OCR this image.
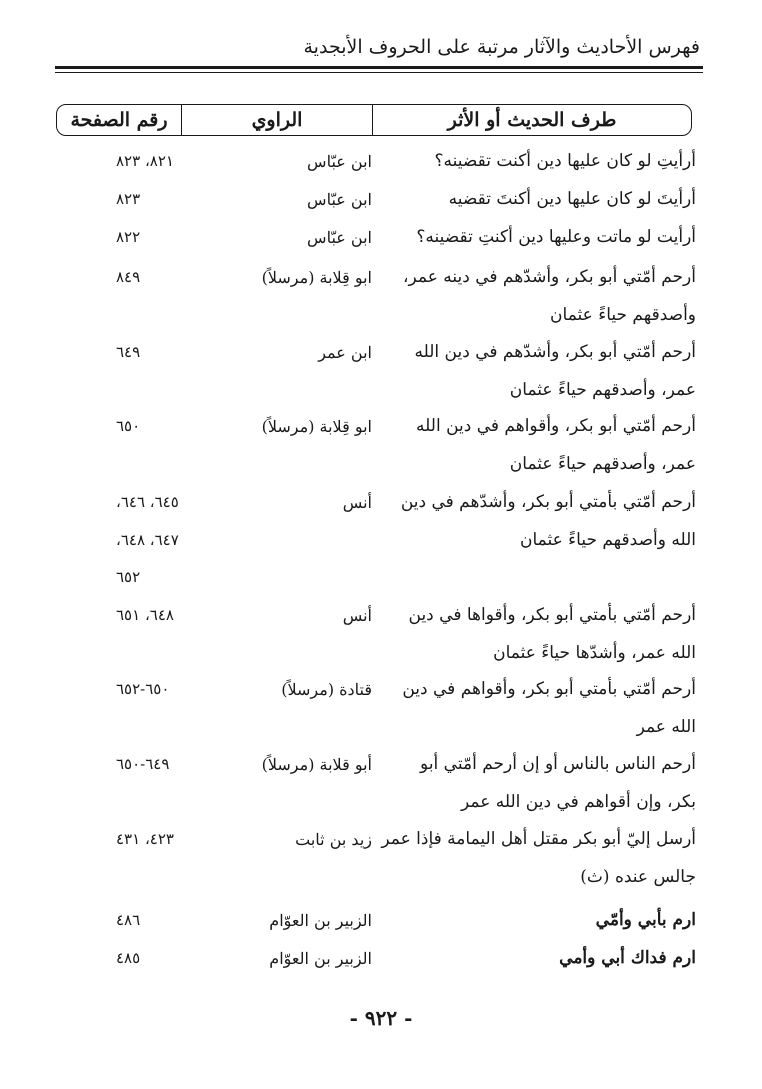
فهرس الأحاديث والآثار مرتبة على الحروف الأبجدية
طرف الحديث أو الأثر
الراوي
رقم الصفحة
أرأيتِ لو كان عليها دين أكنت تقضينه؟
ابن عبّاس
٨٢١، ٨٢٣
أرأيتَ لو كان عليها دين أكنتَ تقضيه
ابن عبّاس
٨٢٣
أرأيت لو ماتت وعليها دين أكنتِ تقضينه؟
ابن عبّاس
٨٢٢
أرحم أمّتي أبو بكر، وأشدّهم في دينه عمر،
وأصدقهم حياءً عثمان
ابو قِلابة (مرسلاً)
٨٤٩
أرحم أمّتي أبو بكر، وأشدّهم في دين الله
عمر، وأصدقهم حياءً عثمان
ابن عمر
٦٤٩
أرحم أمّتي أبو بكر، وأقواهم في دين الله
عمر، وأصدقهم حياءً عثمان
ابو قِلابة (مرسلاً)
٦٥٠
أرحم أمّتي بأمتي أبو بكر، وأشدّهم في دين
الله وأصدقهم حياءً عثمان
أنس
٦٤٥، ٦٤٦،
٦٤٧، ٦٤٨،
٦٥٢
أرحم أمّتي بأمتي أبو بكر، وأقواها في دين
الله عمر، وأشدّها حياءً عثمان
أنس
٦٤٨، ٦٥١
أرحم أمّتي بأمتي أبو بكر، وأقواهم في دين
الله عمر
قتادة (مرسلاً)
٦٥٠-٦٥٢
أرحم الناس بالناس أو إن أرحم أمّتي أبو
بكر، وإن أقواهم في دين الله عمر
أبو قلابة (مرسلاً)
٦٤٩-٦٥٠
أرسل إليّ أبو بكر مقتل أهل اليمامة فإذا عمر
جالس عنده (ث)
زيد بن ثابت
٤٢٣، ٤٣١
ارم بأبي وأمّي
الزبير بن العوّام
٤٨٦
ارم فداك أبي وأمي
الزبير بن العوّام
٤٨٥
- ٩٢٢ -
